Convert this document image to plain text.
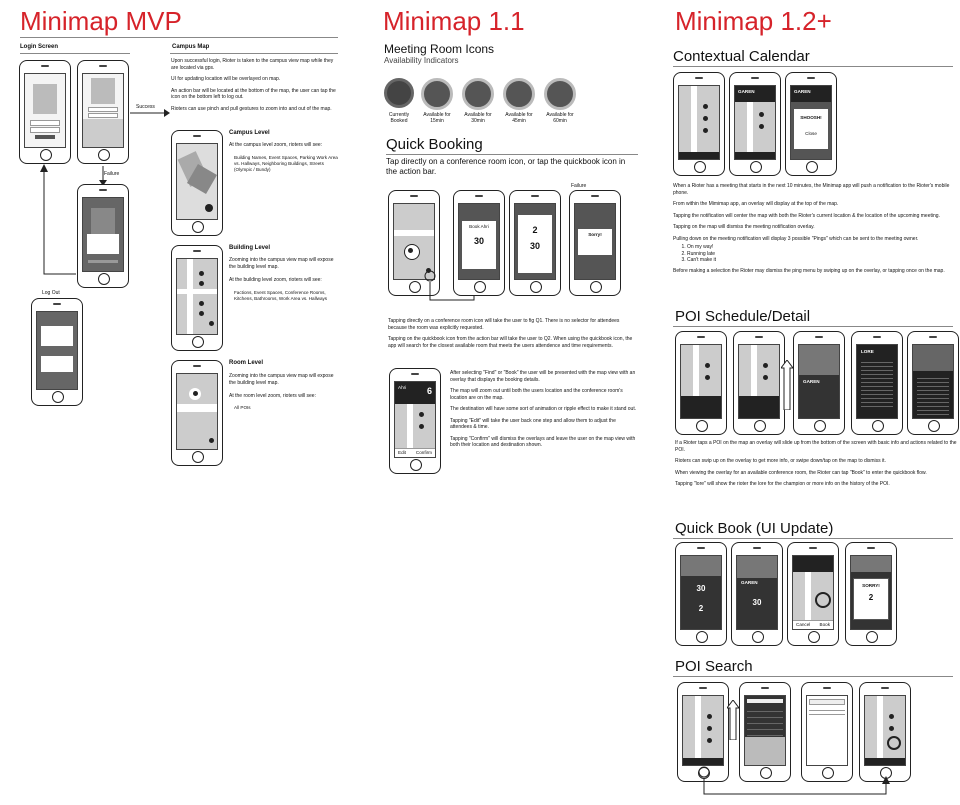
Minimap MVP
Login Screen
Success
Failure
Log Out
Campus Map

Upon successful login, Rioter is taken to the campus view map while they are located via gps.

UI for updating location will be overlayed on map.

An action bar will be located at the bottom of the map, the user can tap the icon on the bottom left to log out.

Rioters can use pinch and pull gestures to zoom into and out of the map.

Campus Level
At the campus level zoom, rioters will see:
Building Names, Event Spaces, Parking Work Area vs. Hallways, Neighboring Buildings, Streets (Olympic / Bundy)
Building Level
Zooming into the campus view map will expose the building level map.
At the building level zoom, rioters will see:
Factions, Event Spaces, Conference Rooms, Kitchens, Bathrooms, Work Area vs. Hallways
Room Level
Zooming into the campus view map will expose the building level map.
At the room level zoom, rioters will see:
All POIs
Minimap 1.1
Meeting Room Icons
Availability Indicators
Currently Booked
Available for 15min
Available for 30min
Available for 45min
Available for 60min
Quick Booking
Tap directly on a conference room icon, or tap the quickbook icon in the action bar.
Failure
Book Ahri
30
2
30
Sorry!

Tapping directly on a conference room icon will take the user to fig Q1. There is no selector for attendees because the room was explicitly requested.

Tapping on the quickbook icon from the action bar will take the user to Q2. When using the quickbook icon, the app will search for the closest available room that meets the users attendence and time requirements.

Ahri	6
Edit Confirm

After selecting "Find" or "Book" the user will be presented with the map view with an overlay that displays the booking details.

The map will zoom out until both the users location and the conference room's location are on the map.

The destination will have some sort of animation or ripple effect to make it stand out.

Tapping "Edit" will take the user back one step and allow them to adjust the attendees & time.

Tapping "Confirm" will dismiss the overlays and leave the user on the map view with both their location and destination shown.

Minimap 1.2+
Contextual Calendar
GAREN	GAREN
SHOOSH!
Close

When a Rioter has a meeting that starts in the next 10 minutes, the Minimap app will push a notification to the Rioter's mobile phone.

From within the Mimimap app, an overlay will display at the top of the map.

Tapping the notification will center the map with both the Rioter's current location & the location of the upcoming meeting.

Tapping on the map will dismiss the meeting notification overlay.

Pulling down on the meeting notification will display 3 possible "Pings" which can be sent to the meeting owner.

1. On my way!
2. Running late
3. Can't make it

Before making a selection the Rioter may dismiss the ping menu by swiping up on the overlay, or tapping once on the map.

POI Schedule/Detail
GAREN
LORE

If a Rioter taps a POI on the map an overlay will slide up from the bottom of the screen with basic info and actions related to the POI.

Rioters can swip up on the overlay to get more info, or swipe down/tap on the map to dismiss it.

When viewing the overlay for an available conference room, the Rioter can tap "Book" to enter the quickbook flow.

Tapping "lore" will show the rioter the lore for the champion or more info on the history of the POI.

Quick Book (UI Update)
30
2
GAREN
30
Cancel Book
SORRY!
2
POI Search
